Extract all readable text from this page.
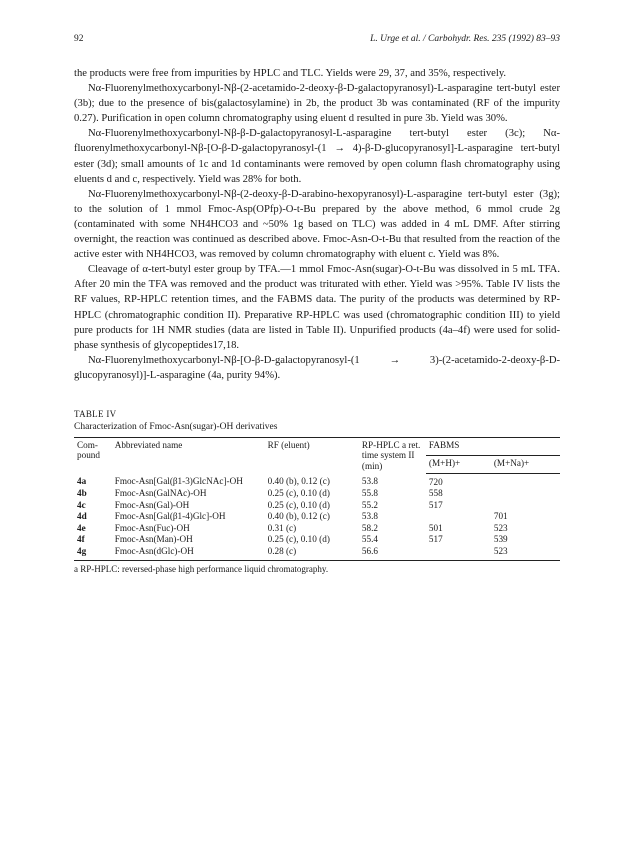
92	L. Urge et al. / Carbohydr. Res. 235 (1992) 83–93

the products were free from impurities by HPLC and TLC. Yields were 29, 37, and 35%, respectively.

Nα-Fluorenylmethoxycarbonyl-Nβ-(2-acetamido-2-deoxy-β-D-galactopyranosyl)-L-asparagine tert-butyl ester (3b); due to the presence of bis(galactosylamine) in 2b, the product 3b was contaminated (RF of the impurity 0.27). Purification in open column chromatography using eluent d resulted in pure 3b. Yield was 30%.

Nα-Fluorenylmethoxycarbonyl-Nβ-β-D-galactopyranosyl-L-asparagine tert-butyl ester (3c); Nα-fluorenylmethoxycarbonyl-Nβ-[O-β-D-galactopyranosyl-(1 → 4)-β-D-glucopyranosyl]-L-asparagine tert-butyl ester (3d); small amounts of 1c and 1d contaminants were removed by open column flash chromatography using eluents d and c, respectively. Yield was 28% for both.

Nα-Fluorenylmethoxycarbonyl-Nβ-(2-deoxy-β-D-arabino-hexopyranosyl)-L-asparagine tert-butyl ester (3g); to the solution of 1 mmol Fmoc-Asp(OPfp)-O-t-Bu prepared by the above method, 6 mmol crude 2g (contaminated with some NH4HCO3 and ~50% 1g based on TLC) was added in 4 mL DMF. After stirring overnight, the reaction was continued as described above. Fmoc-Asn-O-t-Bu that resulted from the reaction of the active ester with NH4HCO3, was removed by column chromatography with eluent c. Yield was 8%.

Cleavage of α-tert-butyl ester group by TFA.—1 mmol Fmoc-Asn(sugar)-O-t-Bu was dissolved in 5 mL TFA. After 20 min the TFA was removed and the product was triturated with ether. Yield was >95%. Table IV lists the RF values, RP-HPLC retention times, and the FABMS data. The purity of the products was determined by RP-HPLC (chromatographic condition II). Preparative RP-HPLC was used (chromatographic condition III) to yield pure products for 1H NMR studies (data are listed in Table II). Unpurified products (4a–4f) were used for solid-phase synthesis of glycopeptides17,18.

Nα-Fluorenylmethoxycarbonyl-Nβ-[O-β-D-galactopyranosyl-(1 → 3)-(2-acetamido-2-deoxy-β-D-glucopyranosyl)]-L-asparagine (4a, purity 94%).

TABLE IV
Characterization of Fmoc-Asn(sugar)-OH derivatives
Com-pound	Abbreviated name	RF (eluent)	RP-HPLC a ret. time system II (min)	FABMS	
				(M+H)+	(M+Na)+
4a	Fmoc-Asn[Gal(β1-3)GlcNAc]-OH	0.40 (b), 0.12 (c)	53.8	720	
4b	Fmoc-Asn(GalNAc)-OH	0.25 (c), 0.10 (d)	55.8	558	
4c	Fmoc-Asn(Gal)-OH	0.25 (c), 0.10 (d)	55.2	517	
4d	Fmoc-Asn[Gal(β1-4)Glc]-OH	0.40 (b), 0.12 (c)	53.8		701
4e	Fmoc-Asn(Fuc)-OH	0.31 (c)	58.2	501	523
4f	Fmoc-Asn(Man)-OH	0.25 (c), 0.10 (d)	55.4	517	539
4g	Fmoc-Asn(dGlc)-OH	0.28 (c)	56.6		523
a RP-HPLC: reversed-phase high performance liquid chromatography.
